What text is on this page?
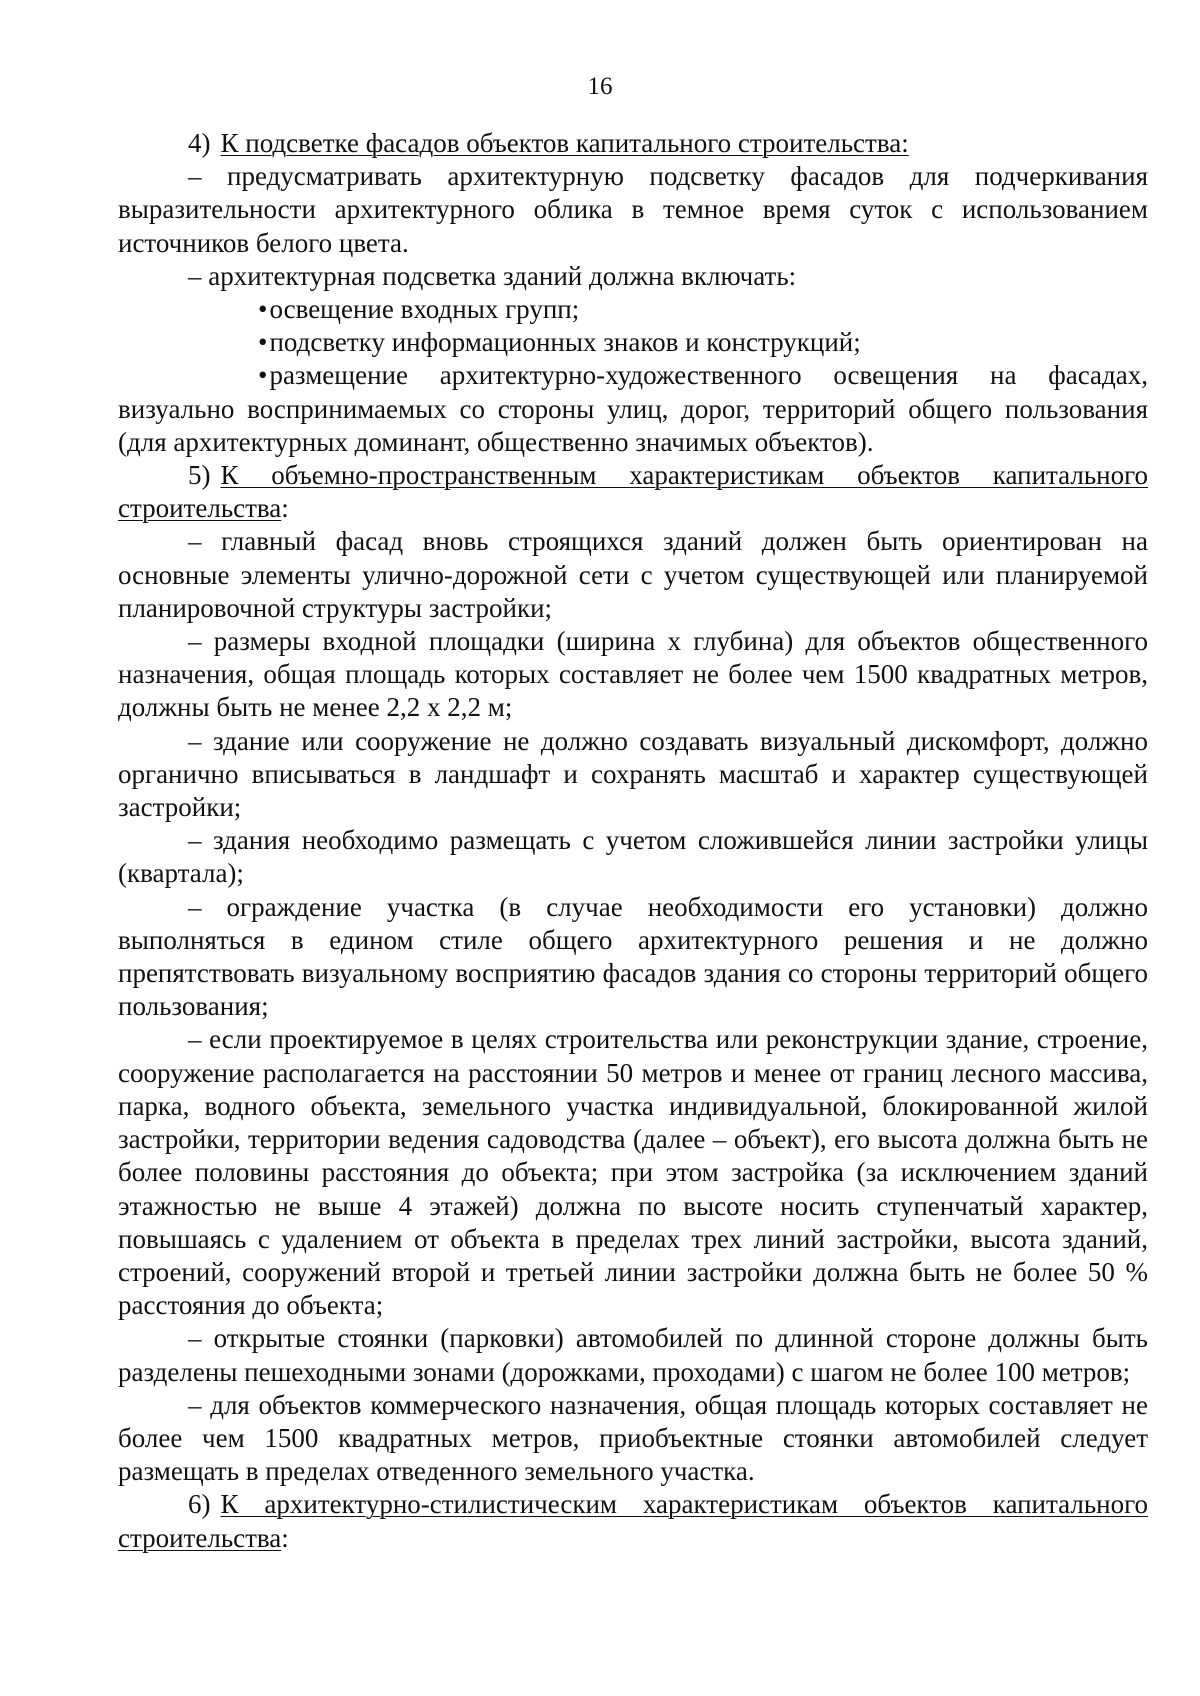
16

4) К подсветке фасадов объектов капитального строительства:

– предусматривать архитектурную подсветку фасадов для подчеркивания выразительности архитектурного облика в темное время суток с использованием источников белого цвета.

– архитектурная подсветка зданий должна включать:

•освещение входных групп;

•подсветку информационных знаков и конструкций;

•размещение архитектурно-художественного освещения на фасадах, визуально воспринимаемых со стороны улиц, дорог, территорий общего пользования (для архитектурных доминант, общественно значимых объектов).

5) К объемно-пространственным характеристикам объектов капитального строительства:

– главный фасад вновь строящихся зданий должен быть ориентирован на основные элементы улично-дорожной сети с учетом существующей или планируемой планировочной структуры застройки;

– размеры входной площадки (ширина х глубина) для объектов общественного назначения, общая площадь которых составляет не более чем 1500 квадратных метров, должны быть не менее 2,2 х 2,2 м;

– здание или сооружение не должно создавать визуальный дискомфорт, должно органично вписываться в ландшафт и сохранять масштаб и характер существующей застройки;

– здания необходимо размещать с учетом сложившейся линии застройки улицы (квартала);

– ограждение участка (в случае необходимости его установки) должно выполняться в едином стиле общего архитектурного решения и не должно препятствовать визуальному восприятию фасадов здания со стороны территорий общего пользования;

– если проектируемое в целях строительства или реконструкции здание, строение, сооружение располагается на расстоянии 50 метров и менее от границ лесного массива, парка, водного объекта, земельного участка индивидуальной, блокированной жилой застройки, территории ведения садоводства (далее – объект), его высота должна быть не более половины расстояния до объекта; при этом застройка (за исключением зданий этажностью не выше 4 этажей) должна по высоте носить ступенчатый характер, повышаясь с удалением от объекта в пределах трех линий застройки, высота зданий, строений, сооружений второй и третьей линии застройки должна быть не более 50 % расстояния до объекта;

– открытые стоянки (парковки) автомобилей по длинной стороне должны быть разделены пешеходными зонами (дорожками, проходами) с шагом не более 100 метров;

– для объектов коммерческого назначения, общая площадь которых составляет не более чем 1500 квадратных метров, приобъектные стоянки автомобилей следует размещать в пределах отведенного земельного участка.

6) К архитектурно-стилистическим характеристикам объектов капитального строительства:
